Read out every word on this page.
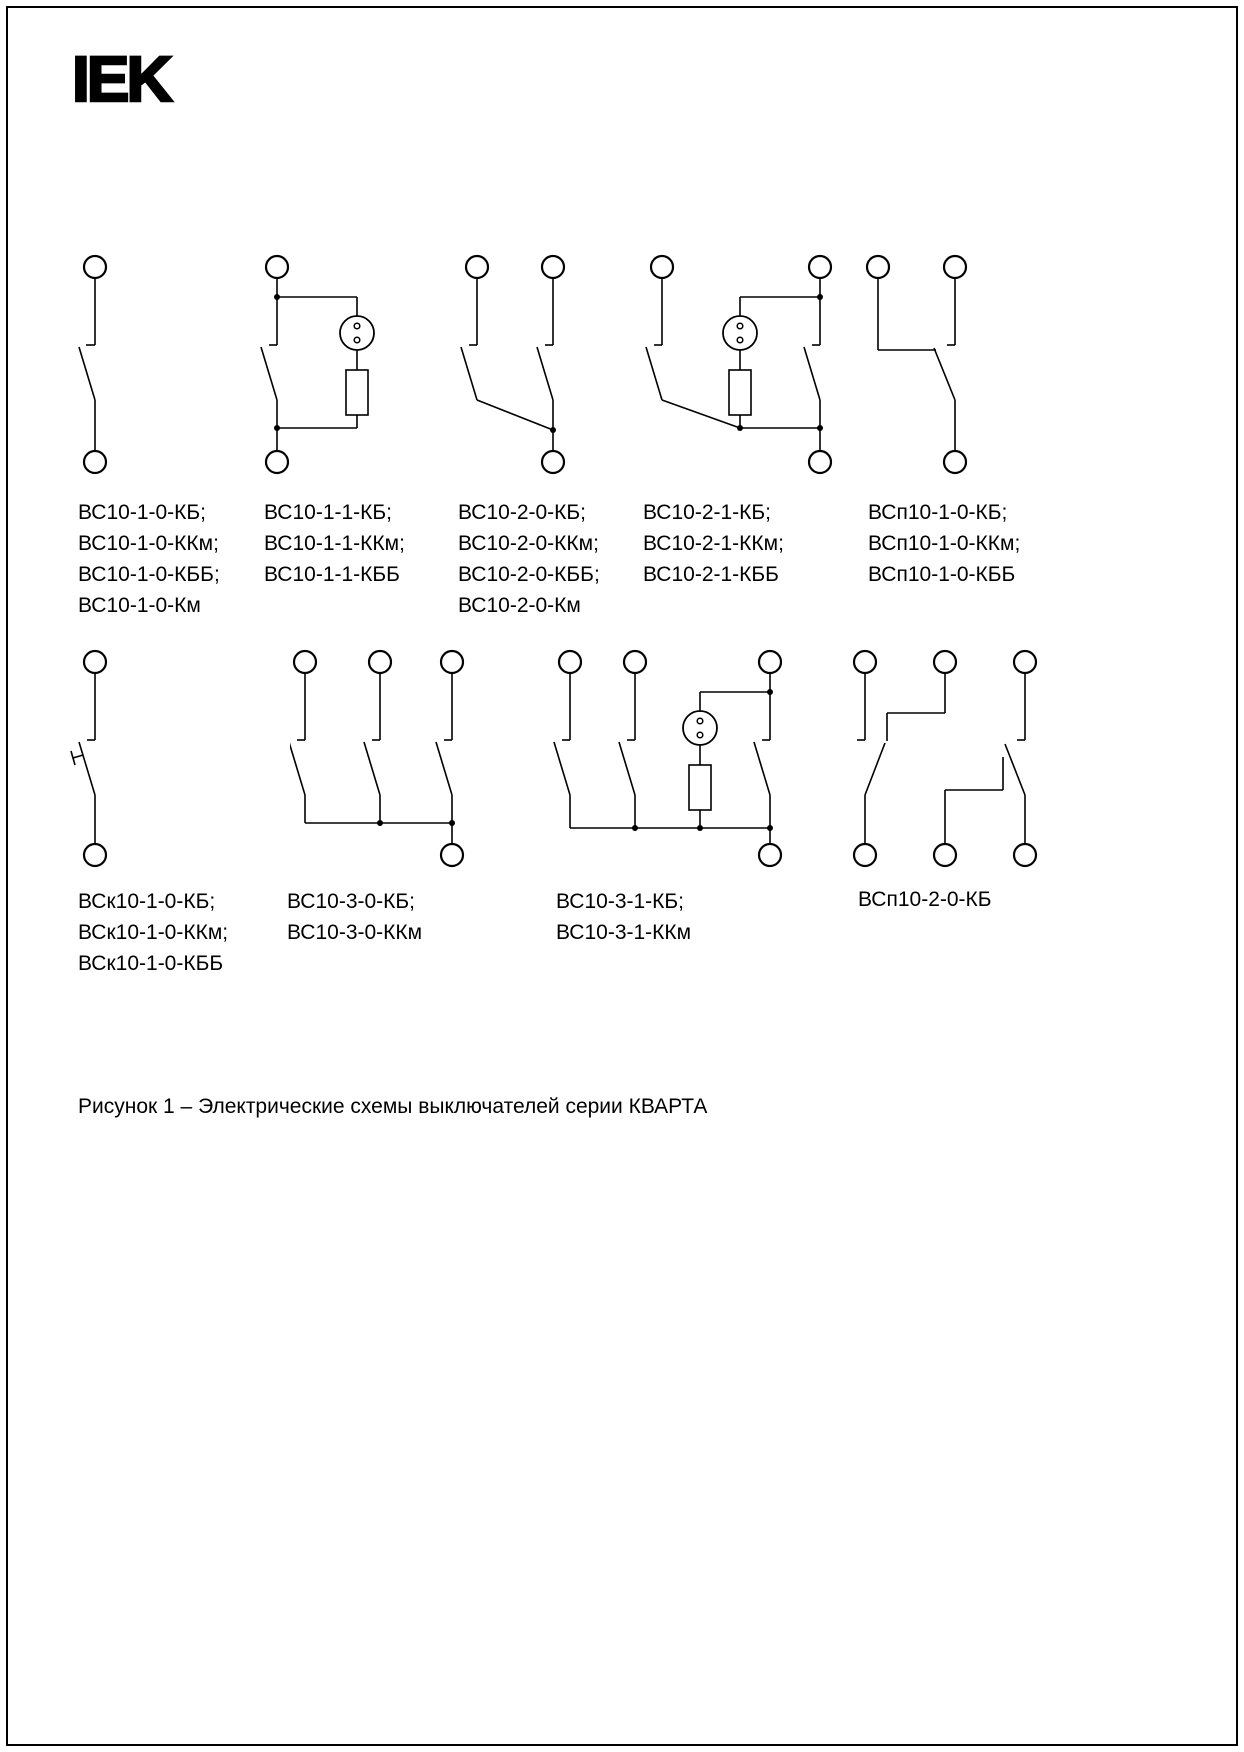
IEK
ВС10-1-0-КБ;
ВС10-1-0-ККм;
ВС10-1-0-КББ;
ВС10-1-0-Км
ВС10-1-1-КБ;
ВС10-1-1-ККм;
ВС10-1-1-КББ
ВС10-2-0-КБ;
ВС10-2-0-ККм;
ВС10-2-0-КББ;
ВС10-2-0-Км
ВС10-2-1-КБ;
ВС10-2-1-ККм;
ВС10-2-1-КББ
ВСп10-1-0-КБ;
ВСп10-1-0-ККм;
ВСп10-1-0-КББ
ВСк10-1-0-КБ;
ВСк10-1-0-ККм;
ВСк10-1-0-КББ
ВС10-3-0-КБ;
ВС10-3-0-ККм
ВС10-3-1-КБ;
ВС10-3-1-ККм
ВСп10-2-0-КБ
Рисунок 1 – Электрические схемы выключателей серии КВАРТА
